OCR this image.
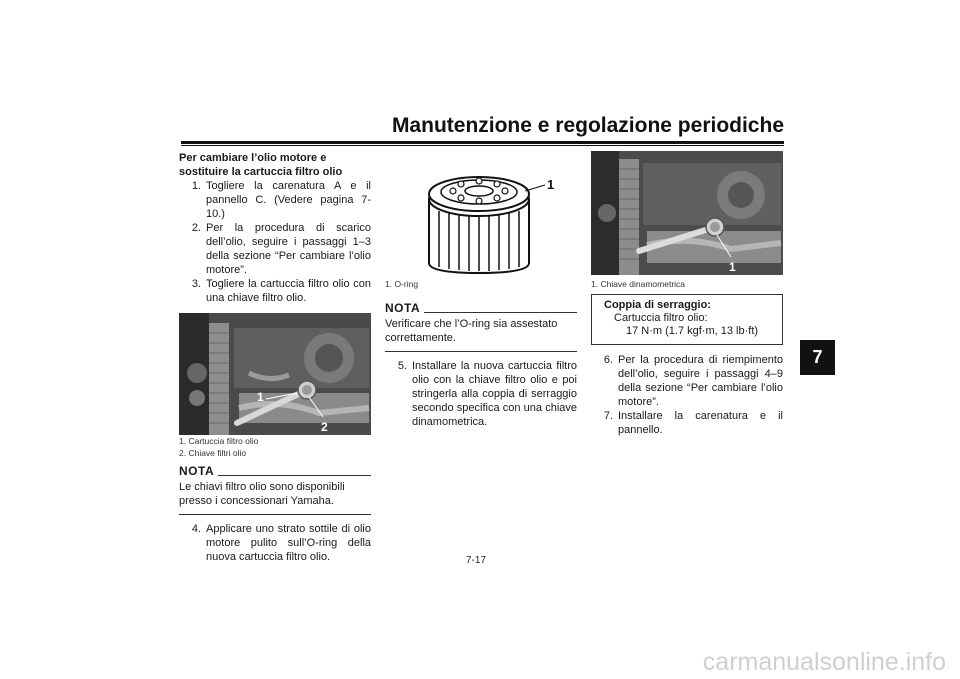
Manutenzione e regolazione periodiche
7

Per cambiare l’olio motore e sostituire la cartuccia filtro olio

1. Togliere la carenatura A e il pannello C. (Vedere pagina 7-10.)
2. Per la procedura di scarico dell’olio, seguire i passaggi 1–3 della sezione “Per cambiare l’olio motore”.
3. Togliere la cartuccia filtro olio con una chiave filtro olio.
1
2
1. Cartuccia filtro olio
2. Chiave filtri olio
NOTA
Le chiavi filtro olio sono disponibili presso i concessionari Yamaha.
4. Applicare uno strato sottile di olio motore pulito sull’O-ring della nuova cartuccia filtro olio.
1
1. O-ring
NOTA
Verificare che l’O-ring sia assestato correttamente.
5. Installare la nuova cartuccia filtro olio con la chiave filtro olio e poi stringerla alla coppia di serraggio secondo specifica con una chiave dinamometrica.
1
1. Chiave dinamometrica
Coppia di serraggio:
Cartuccia filtro olio:
17 N·m (1.7 kgf·m, 13 lb·ft)
6. Per la procedura di riempimento dell’olio, seguire i passaggi 4–9 della sezione “Per cambiare l’olio motore”.
7. Installare la carenatura e il pannello.
7-17
carmanualsonline.info
